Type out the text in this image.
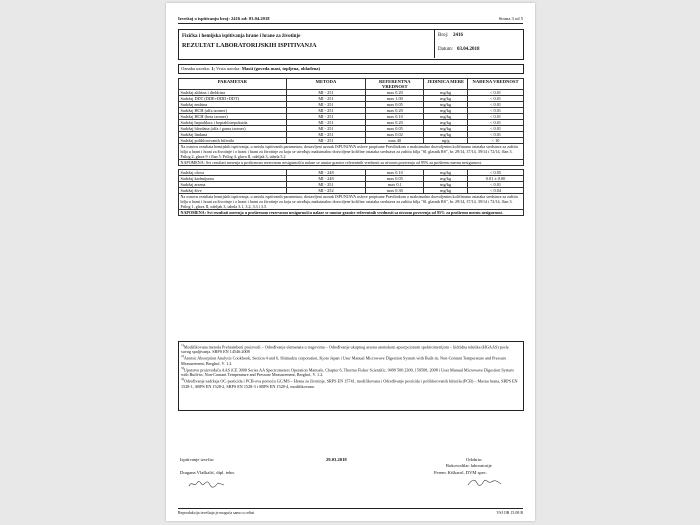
Izveštaj o ispitivanju broj: 2416 od: 03.04.2018	Strana 3 od 5
Fizička i hemijska ispitivanja hrane i hrane za životinje
REZULTAT LABORATORIJSKIH ISPITIVANJA
Broj: 2416
Datum: 03.04.2018
Oznaka uzorka: 1; Vrsta uzorka: Masti (goveđa mast, topljena, ohlađena)
PARAMETAR	METODA	REFERENTNA VREDNOST	JEDINICA MERE	NAĐENA VREDNOST
Sadržaj aldrina i dieldrina	MI - 251	max 0.20	mg/kg	< 0.01
Sadržaj DDT (DDE+DDD+DDT)	MI - 251	max 1.00	mg/kg	< 0.01
Sadržaj endrina	MI - 251	max 0.05	mg/kg	< 0.01
Sadržaj HCH (alfa izomer)	MI - 251	max 0.20	mg/kg	< 0.01
Sadržaj HCH (beta izomer)	MI - 251	max 0.10	mg/kg	< 0.01
Sadržaj heptahlora i heptahlorepoksida	MI - 251	max 0.20	mg/kg	< 0.01
Sadržaj hlordana (alfa i gama izomer)	MI - 251	max 0.05	mg/kg	< 0.01
Sadržaj lindana	MI - 251	max 0.02	mg/kg	< 0.01
Sadržaj polihlorovanih bifenila	MI - 251	max 40	ng/g	< 10
Na osnovu rezultata hemijskih ispitivanja, u smislu ispitivanih parametara, dostavljeni uzorak ISPUNJAVA uslove propisane Pravilnikom o maksimalno dozvoljenim količinama ostataka sredstava za zaštitu bilja u hrani i hrani za životinje i o hrani i hrani za životinje za koju se utvrđuju maksimalno dozvoljene količine ostataka sredstava za zaštitu bilja "Sl. glasnik RS", br. 29/14, 37/14, 39/14 i 72/14, član 3. Prilog 2, glava 9 i član 5. Prilog 4, glava II, odeljak 3, tabela 5.2				
NAPOMENA: Svi rezultati merenja u proširenom rezervnom nesigurnošću nalaze se unutar granice referentnih vrednosti sa nivoom poverenja od 95% za proširenu mernu nesigurnost.				

Sadržaj olova	MI - 248	max 0.10	mg/kg	< 0.05
Sadržaj kadmijuma	MI - 248	max 0.05	mg/kg	0.01 ± 0.00
Sadržaj arsena	MI - 251	max 0.1	mg/kg	< 0.01
Sadržaj žive	MI - 252	max 0.30	mg/kg	< 0.04
Na osnovu rezultata hemijskih ispitivanja, u smislu ispitivanih parametara, dostavljeni uzorak ISPUNJAVA uslove propisane Pravilnikom o maksimalno dozvoljenim količinama ostataka sredstava za zaštitu bilja u hrani i hrani za životinje i o hrani i hrani za životinje za koju se utvrđuju maksimalno dozvoljene količine ostataka sredstava za zaštitu bilja "Sl. glasnik RS", br. 29/14, 37/14, 39/14 i 72/14, član 3. Prilog 1, glava II, odeljak 3, tabela 3.1, 3.2, 3.3 i 3.5.				
NAPOMENA: Svi rezultati merenja u proširenom rezervnom nesigurnošću nalaze se unutar granice referentnih vrednosti sa nivoom poverenja od 95% za proširenu mernu nesigurnost.				
$^{1)}$Modifikovana metoda Prehrambeni proizvodi – Određivanje elemenata u tragovima – Određivanje ukupnog arsena atomskom apsorpcionom spektrometrijom – hidridna tehnika (HGAAS) posle suvog spaljivanja. SRPS EN 14546:2008
$^{2)}$Atomic Absorption Analysis Cookbook, Section 4 and 6, Shimadzu corporation, Kjoto Japan i User Manual Microwave Digestion System with Built-in, Non-Contant Temperature and Pressure Measurement, Berghof, V. 1.2.
$^{3)}$Uputstvo proizvođača AAS iCE 3000 Series AA Spectrometers Operation Manuals, Chapter 6, Thermo Fisher Scientific, 9499 500 2300, 150508, 2008 i User Manual Microwave Digestion System with Built-in, Non-Contant Temperature and Pressure Measurement, Berghof, V. 1.2.
$^{4)}$Određivanje sadržaja OC-pesticida i PCB-ova pomoću GC/MS – Hrana za životinje, SRPS EN 15741, modifikovana i Određivanje pesticida i polihlorovanih bifenila (PCB) – Masna hrana, SRPS EN 1528-1, SRPS EN 1528-2, SRPS EN 1528-3 i SRPS EN 1528-4, modifikovana.
Ispitivanje izvršio:	29.03.2018	Odobrio:
Rukovodilac laboratorije
Dragana Vlaškalić, dipl. tehn.	Ferenc Kiškarol, DVM spec.
Reprodukcija izveštaja je moguća samo u celini	VSI OB 15.08 B
